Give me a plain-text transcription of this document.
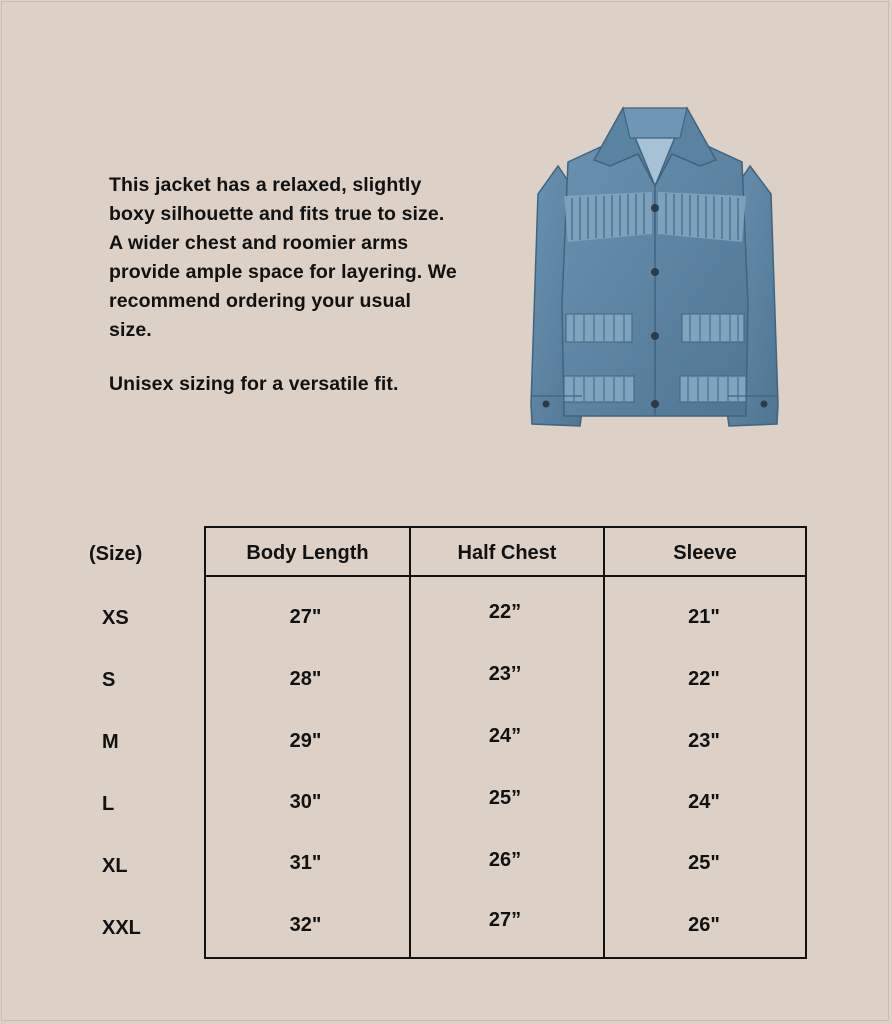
This jacket has a relaxed, slightly boxy silhouette and fits true to size. A wider chest and roomier arms provide ample space for layering. We recommend ordering your usual size.

Unisex sizing for a versatile fit.

(Size)	Body Length	Half Chest	Sleeve
XS	27"	22”	21"
S	28"	23’’	22"
M	29"	24”	23"
L	30"	25”	24"
XL	31"	26”	25"
XXL	32"	27”	26"
